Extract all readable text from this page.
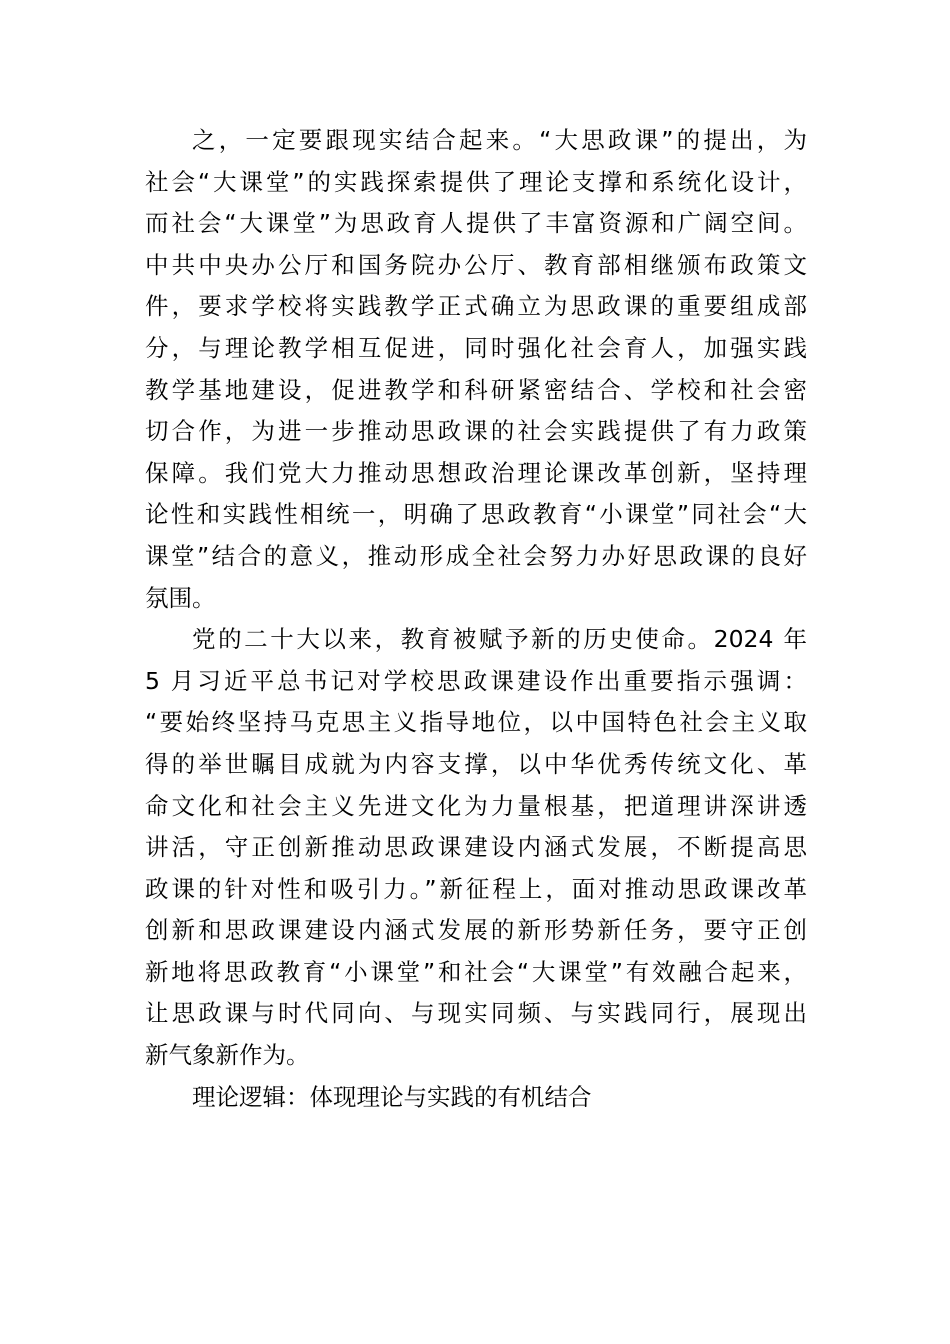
之，一定要跟现实结合起来。“大思政课”的提出，为
社会“大课堂”的实践探索提供了理论支撑和系统化设计，
而社会“大课堂”为思政育人提供了丰富资源和广阔空间。
中共中央办公厅和国务院办公厅、教育部相继颁布政策文
件，要求学校将实践教学正式确立为思政课的重要组成部
分，与理论教学相互促进，同时强化社会育人，加强实践
教学基地建设，促进教学和科研紧密结合、学校和社会密
切合作，为进一步推动思政课的社会实践提供了有力政策
保障。我们党大力推动思想政治理论课改革创新，坚持理
论性和实践性相统一，明确了思政教育“小课堂”同社会“大
课堂”结合的意义，推动形成全社会努力办好思政课的良好
氛围。
党的二十大以来，教育被赋予新的历史使命。2024 年
5 月习近平总书记对学校思政课建设作出重要指示强调：
“要始终坚持马克思主义指导地位，以中国特色社会主义取
得的举世瞩目成就为内容支撑，以中华优秀传统文化、革
命文化和社会主义先进文化为力量根基，把道理讲深讲透
讲活，守正创新推动思政课建设内涵式发展，不断提高思
政课的针对性和吸引力。”新征程上，面对推动思政课改革
创新和思政课建设内涵式发展的新形势新任务，要守正创
新地将思政教育“小课堂”和社会“大课堂”有效融合起来，
让思政课与时代同向、与现实同频、与实践同行，展现出
新气象新作为。
理论逻辑：体现理论与实践的有机结合
